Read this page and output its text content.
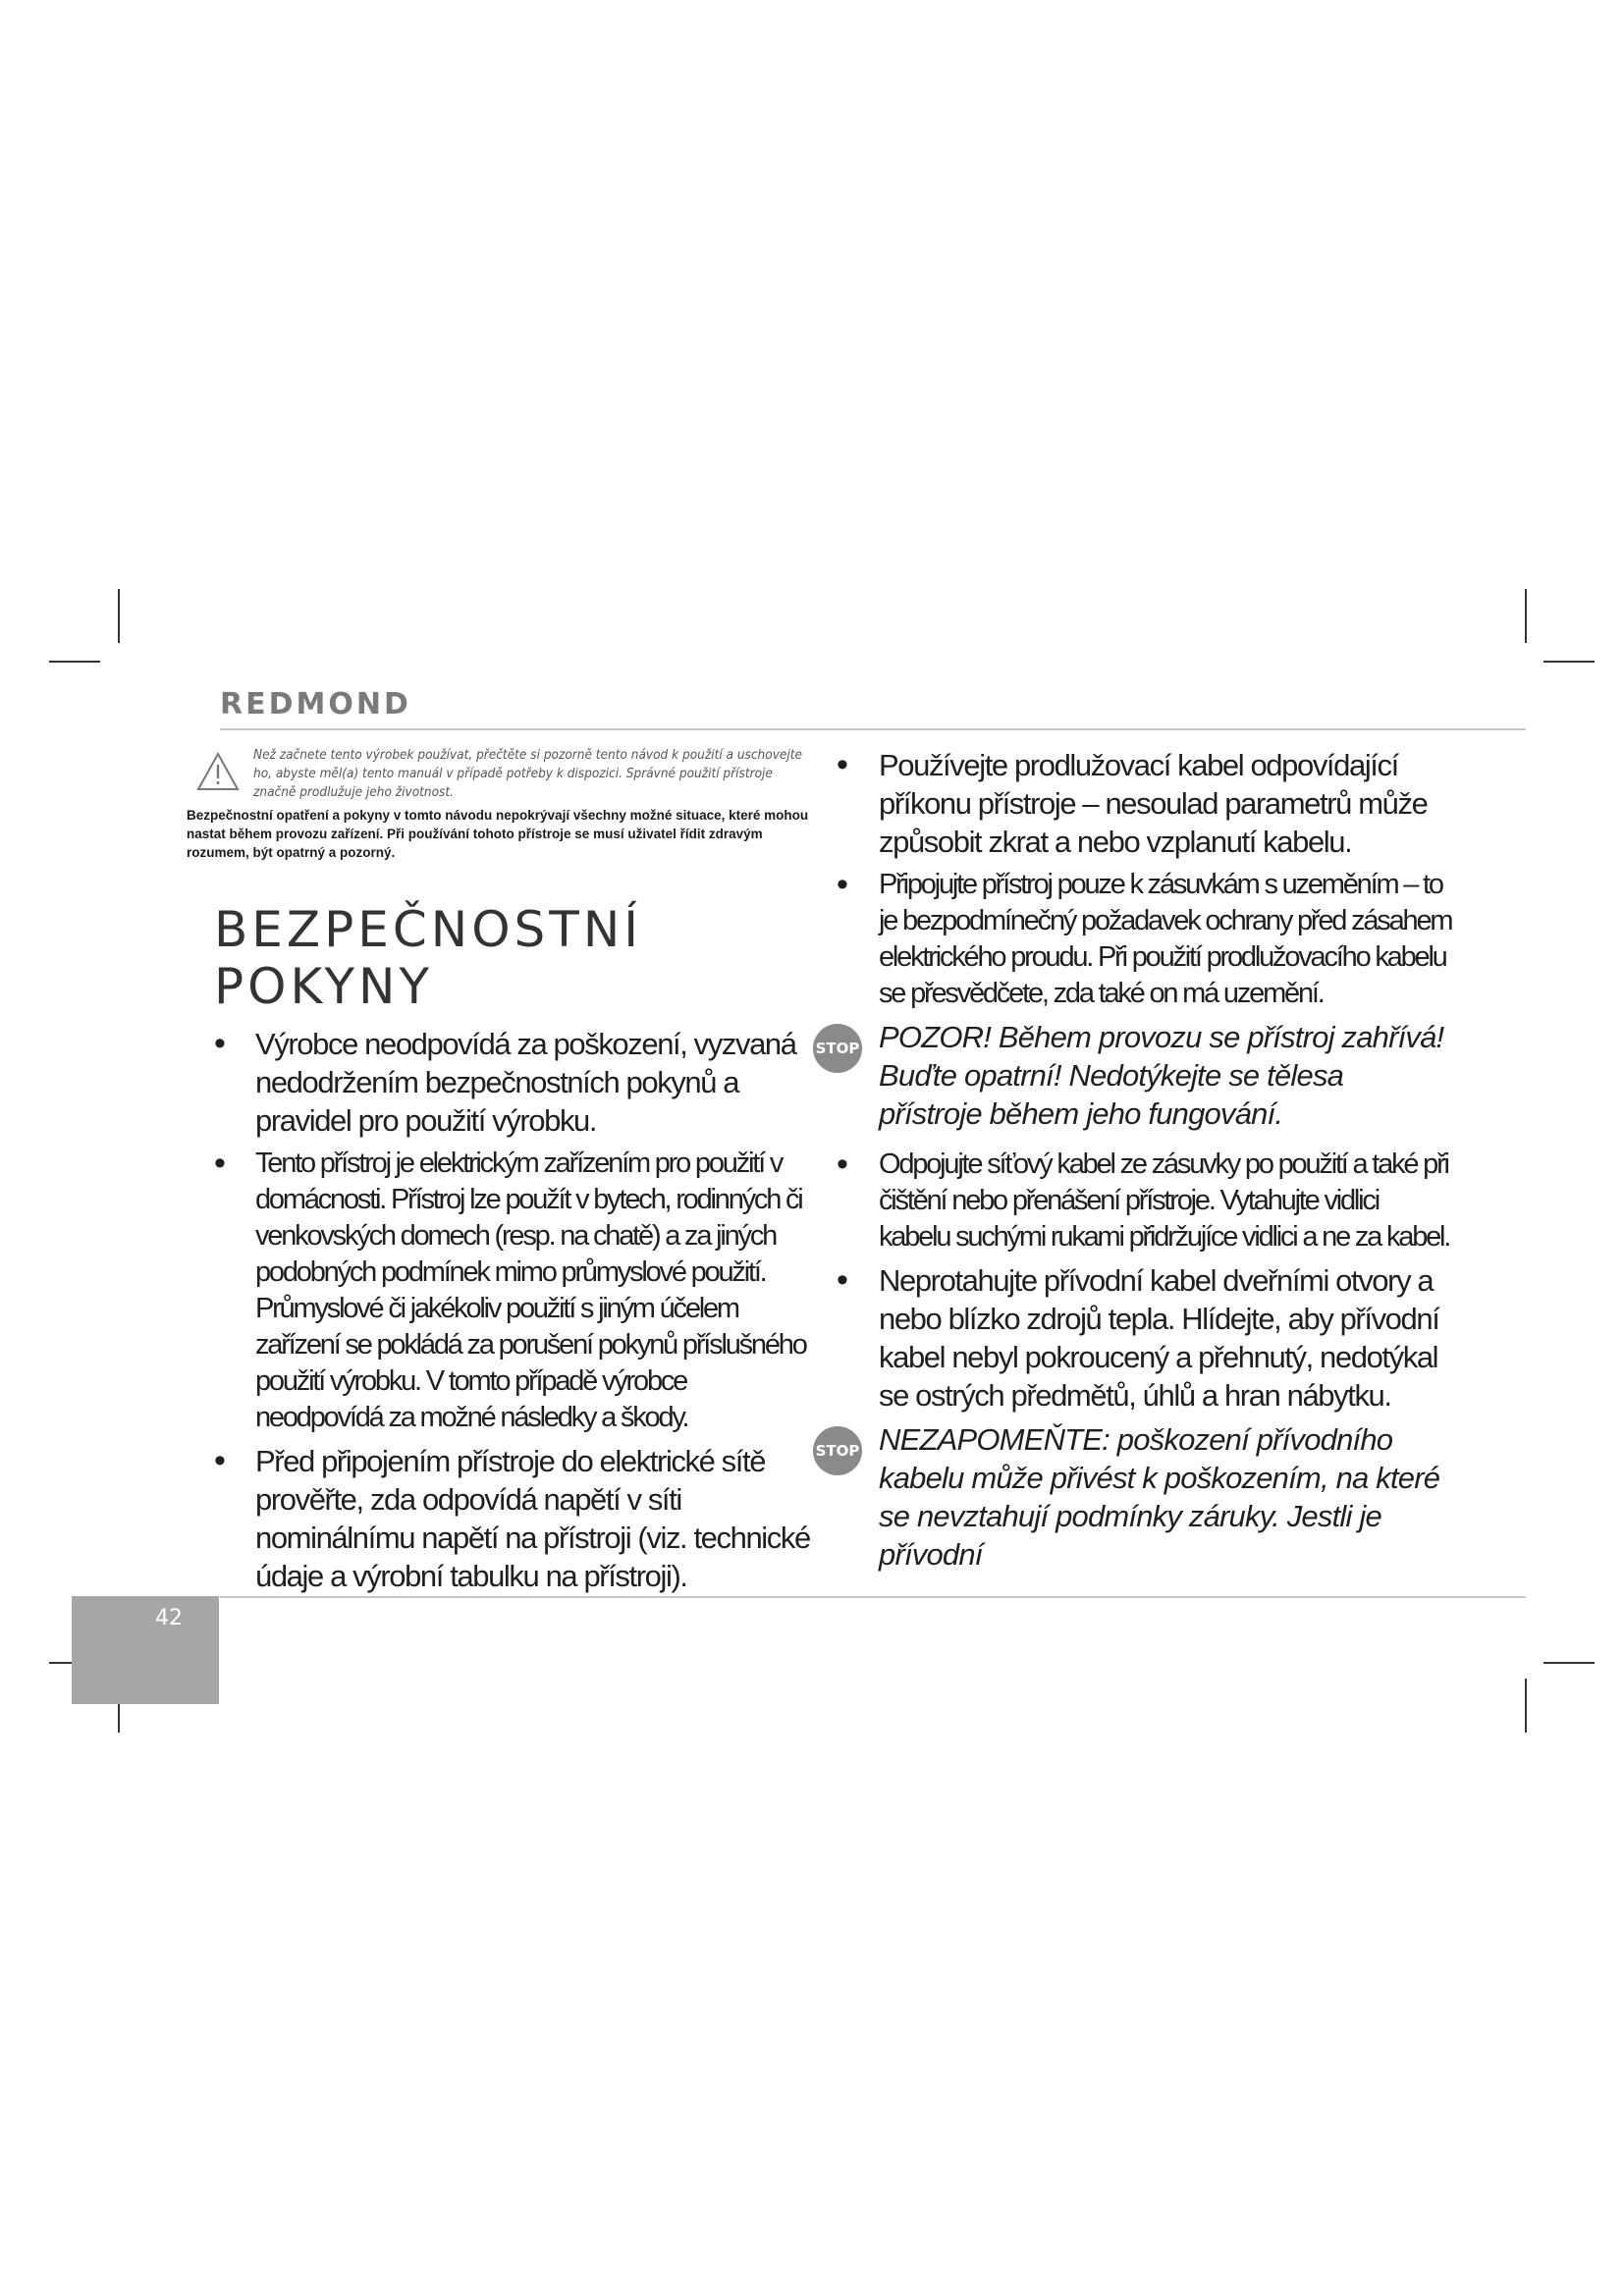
REDMOND
Než začnete tento výrobek používat, přečtěte si pozorně tento návod k použití a uschovejte ho, abyste měl(a) tento manuál v případě potřeby k dispozici. Správné použití přístroje značně prodlužuje jeho životnost.
Bezpečnostní opatření a pokyny v tomto návodu nepokrývají všechny možné situace, které mohou nastat během provozu zařízení. Při používání tohoto přístroje se musí uživatel řídit zdravým rozumem, být opatrný a pozorný.
BEZPEČNOSTNÍ POKYNY
• Výrobce neodpovídá za poškození, vyzvaná nedodržením bezpečnostních pokynů a pravidel pro použití výrobku.
• Tento přístroj je elektrickým zařízením pro použití v domácnosti. Přístroj lze použít v bytech, rodinných či venkovských domech (resp. na chatě) a za jiných podobných podmínek mimo průmyslové použití. Průmyslové či jakékoliv použití s jiným účelem zařízení se pokládá za porušení pokynů příslušného použití výrobku. V tomto případě výrobce neodpovídá za možné následky a škody.
• Před připojením přístroje do elektrické sítě prověřte, zda odpovídá napětí v síti nominálnímu napětí na přístroji (viz. technické údaje a výrobní tabulku na přístroji).
• Používejte prodlužovací kabel odpovídající příkonu přístroje – nesoulad parametrů může způsobit zkrat a nebo vzplanutí kabelu.
• Připojujte přístroj pouze k zásuvkám s uzeměním – to je bezpodmínečný požadavek ochrany před zásahem elektrického proudu. Při použití prodlužovacího kabelu se přesvědčete, zda také on má uzemění.
STOP POZOR! Během provozu se přístroj zahřívá! Buďte opatrní! Nedotýkejte se tělesa přístroje během jeho fungování.
• Odpojujte síťový kabel ze zásuvky po použití a také při čištění nebo přenášení přístroje. Vytahujte vidlici kabelu suchými rukami přidržujíce vidlici a ne za kabel.
• Neprotahujte přívodní kabel dveřními otvory a nebo blízko zdrojů tepla. Hlídejte, aby přívodní kabel nebyl pokroucený a přehnutý, nedotýkal se ostrých předmětů, úhlů a hran nábytku.
STOP NEZAPOMEŇTE: poškození přívodního kabelu může přivést k poškozením, na které se nevztahují podmínky záruky. Jestli je přívodní
42
